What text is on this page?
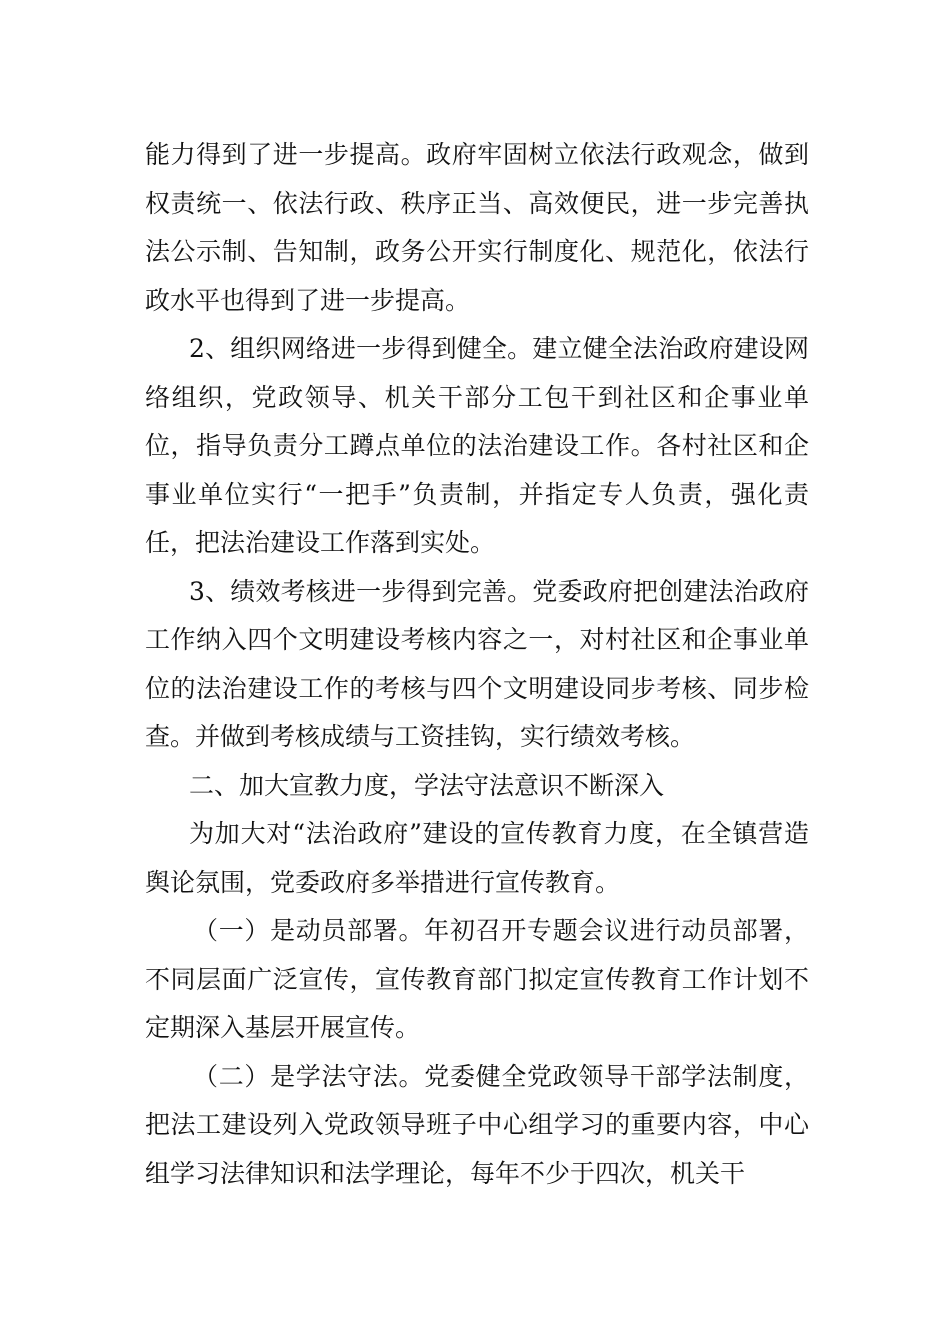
能力得到了进一步提高。政府牢固树立依法行政观念，做到权责统一、依法行政、秩序正当、高效便民，进一步完善执法公示制、告知制，政务公开实行制度化、规范化，依法行政水平也得到了进一步提高。

2、组织网络进一步得到健全。建立健全法治政府建设网络组织，党政领导、机关干部分工包干到社区和企事业单位，指导负责分工蹲点单位的法治建设工作。各村社区和企事业单位实行“一把手”负责制，并指定专人负责，强化责任，把法治建设工作落到实处。

3、绩效考核进一步得到完善。党委政府把创建法治政府工作纳入四个文明建设考核内容之一，对村社区和企事业单位的法治建设工作的考核与四个文明建设同步考核、同步检查。并做到考核成绩与工资挂钩，实行绩效考核。

二、加大宣教力度，学法守法意识不断深入

为加大对“法治政府”建设的宣传教育力度，在全镇营造舆论氛围，党委政府多举措进行宣传教育。

（一）是动员部署。年初召开专题会议进行动员部署，不同层面广泛宣传，宣传教育部门拟定宣传教育工作计划不定期深入基层开展宣传。

（二）是学法守法。党委健全党政领导干部学法制度，把法工建设列入党政领导班子中心组学习的重要内容，中心组学习法律知识和法学理论，每年不少于四次，机关干
